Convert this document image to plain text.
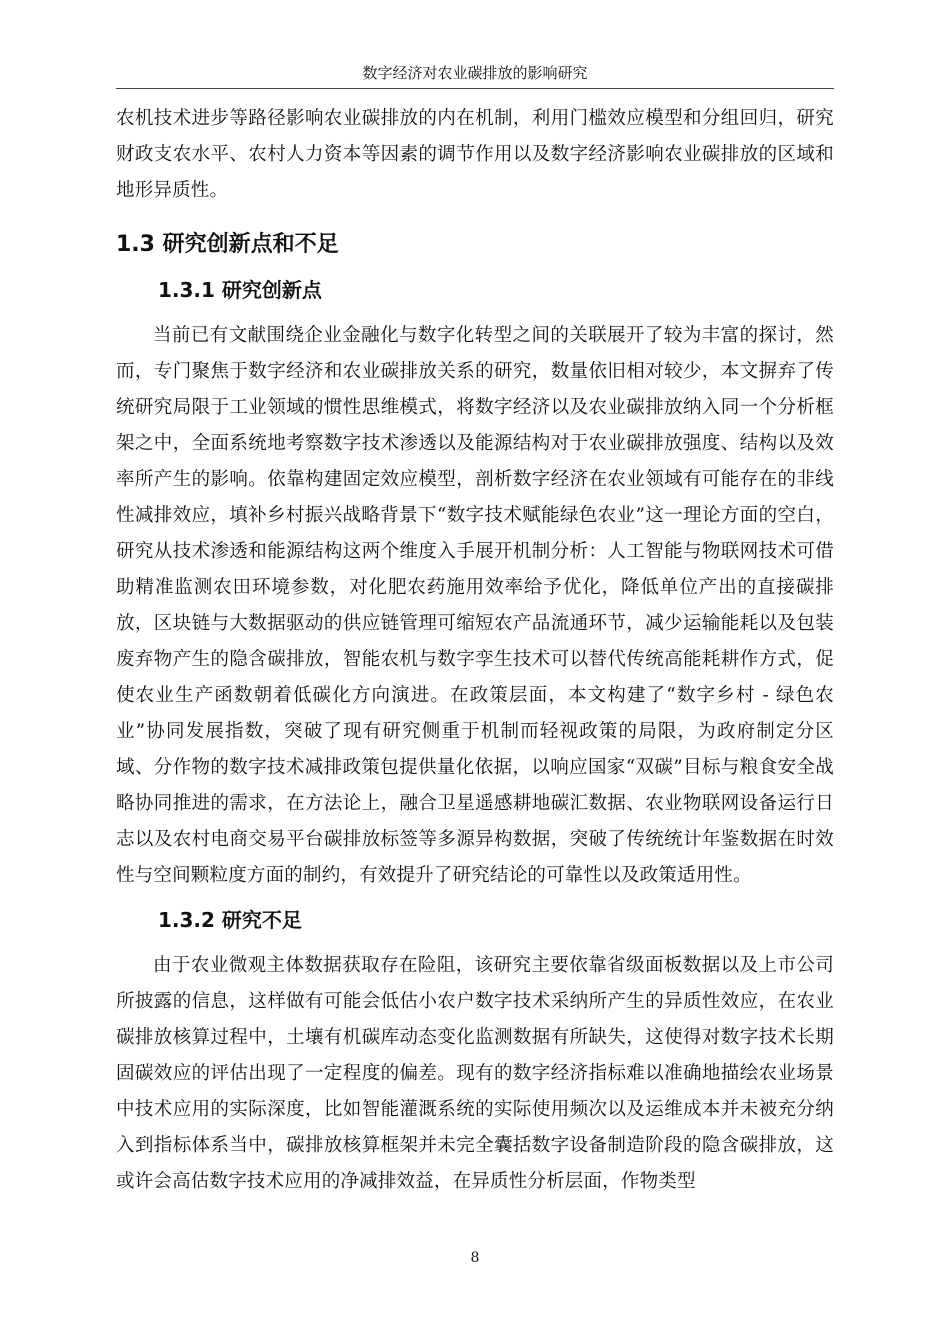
数字经济对农业碳排放的影响研究

农机技术进步等路径影响农业碳排放的内在机制，利用门槛效应模型和分组回归，研究财政支农水平、农村人力资本等因素的调节作用以及数字经济影响农业碳排放的区域和地形异质性。

1.3 研究创新点和不足
1.3.1 研究创新点

当前已有文献围绕企业金融化与数字化转型之间的关联展开了较为丰富的探讨，然而，专门聚焦于数字经济和农业碳排放关系的研究，数量依旧相对较少，本文摒弃了传统研究局限于工业领域的惯性思维模式，将数字经济以及农业碳排放纳入同一个分析框架之中，全面系统地考察数字技术渗透以及能源结构对于农业碳排放强度、结构以及效率所产生的影响。依靠构建固定效应模型，剖析数字经济在农业领域有可能存在的非线性减排效应，填补乡村振兴战略背景下“数字技术赋能绿色农业”这一理论方面的空白，研究从技术渗透和能源结构这两个维度入手展开机制分析：人工智能与物联网技术可借助精准监测农田环境参数，对化肥农药施用效率给予优化，降低单位产出的直接碳排放，区块链与大数据驱动的供应链管理可缩短农产品流通环节，减少运输能耗以及包装废弃物产生的隐含碳排放，智能农机与数字孪生技术可以替代传统高能耗耕作方式，促使农业生产函数朝着低碳化方向演进。在政策层面，本文构建了“数字乡村 - 绿色农业”协同发展指数，突破了现有研究侧重于机制而轻视政策的局限，为政府制定分区域、分作物的数字技术减排政策包提供量化依据，以响应国家“双碳”目标与粮食安全战略协同推进的需求，在方法论上，融合卫星遥感耕地碳汇数据、农业物联网设备运行日志以及农村电商交易平台碳排放标签等多源异构数据，突破了传统统计年鉴数据在时效性与空间颗粒度方面的制约，有效提升了研究结论的可靠性以及政策适用性。

1.3.2 研究不足

由于农业微观主体数据获取存在险阻，该研究主要依靠省级面板数据以及上市公司所披露的信息，这样做有可能会低估小农户数字技术采纳所产生的异质性效应，在农业碳排放核算过程中，土壤有机碳库动态变化监测数据有所缺失，这使得对数字技术长期固碳效应的评估出现了一定程度的偏差。现有的数字经济指标难以准确地描绘农业场景中技术应用的实际深度，比如智能灌溉系统的实际使用频次以及运维成本并未被充分纳入到指标体系当中，碳排放核算框架并未完全囊括数字设备制造阶段的隐含碳排放，这或许会高估数字技术应用的净减排效益，在异质性分析层面，作物类型

8
